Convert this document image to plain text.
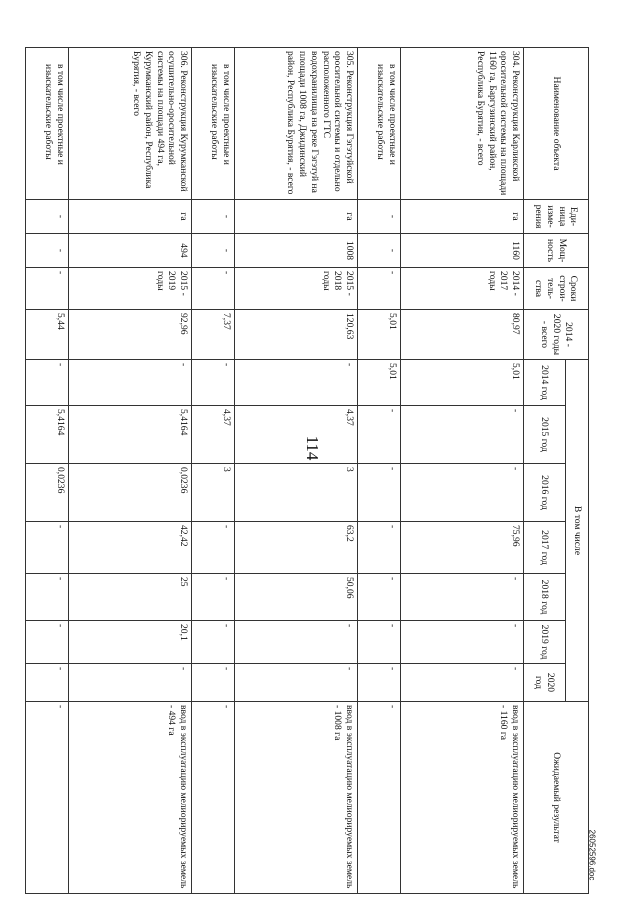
114
Наименование объекта	Еди-ница изме-рения	Мощ-ность	Сроки строи-тель-ства	2014 - 2020 годы - всего	В том числе							Ожидаемый результат
					2014 год	2015 год	2016 год	2017 год	2018 год	2019 год	2020 год	
304. Реконструкция Карликской оросительной системы на площади 1160 га, Баргузинский район, Республика Бурятия, - всего	га	1160	2014 - 2017 годы	80,97	5,01	-	-	75,96	-	-	-	ввод в эксплуатацию мелиорируемых земель - 1160 га
в том числе проектные и изыскательские работы	-	-	-	5,01	5,01	-	-	-	-	-	-	-
305. Реконструкция Гэгэтуйской оросительной системы и отдельно расположенного ГТС водохранилища на реке Гэгэтуй на площади 1008 га, Джидинский район, Республика Бурятия, - всего	га	1008	2015 - 2018 годы	120,63	-	4,37	3	63,2	50,06	-	-	ввод в эксплуатацию мелиорируемых земель - 1008 га
в том числе проектные и изыскательские работы	-	-	-	7,37	-	4,37	3	-	-	-	-	-
306. Реконструкция Курумканской осушительно-оросительной системы на площади 494 га, Курумканский район, Республика Бурятия, - всего	га	494	2015 - 2019 годы	92,96	-	5,4164	0,0236	42,42	25	20,1	-	ввод в эксплуатацию мелиорируемых земель - 494 га
в том числе проектные и изыскательские работы	-	-	-	5,44	-	5,4164	0,0236	-	-	-	-	-
26052596.doc
